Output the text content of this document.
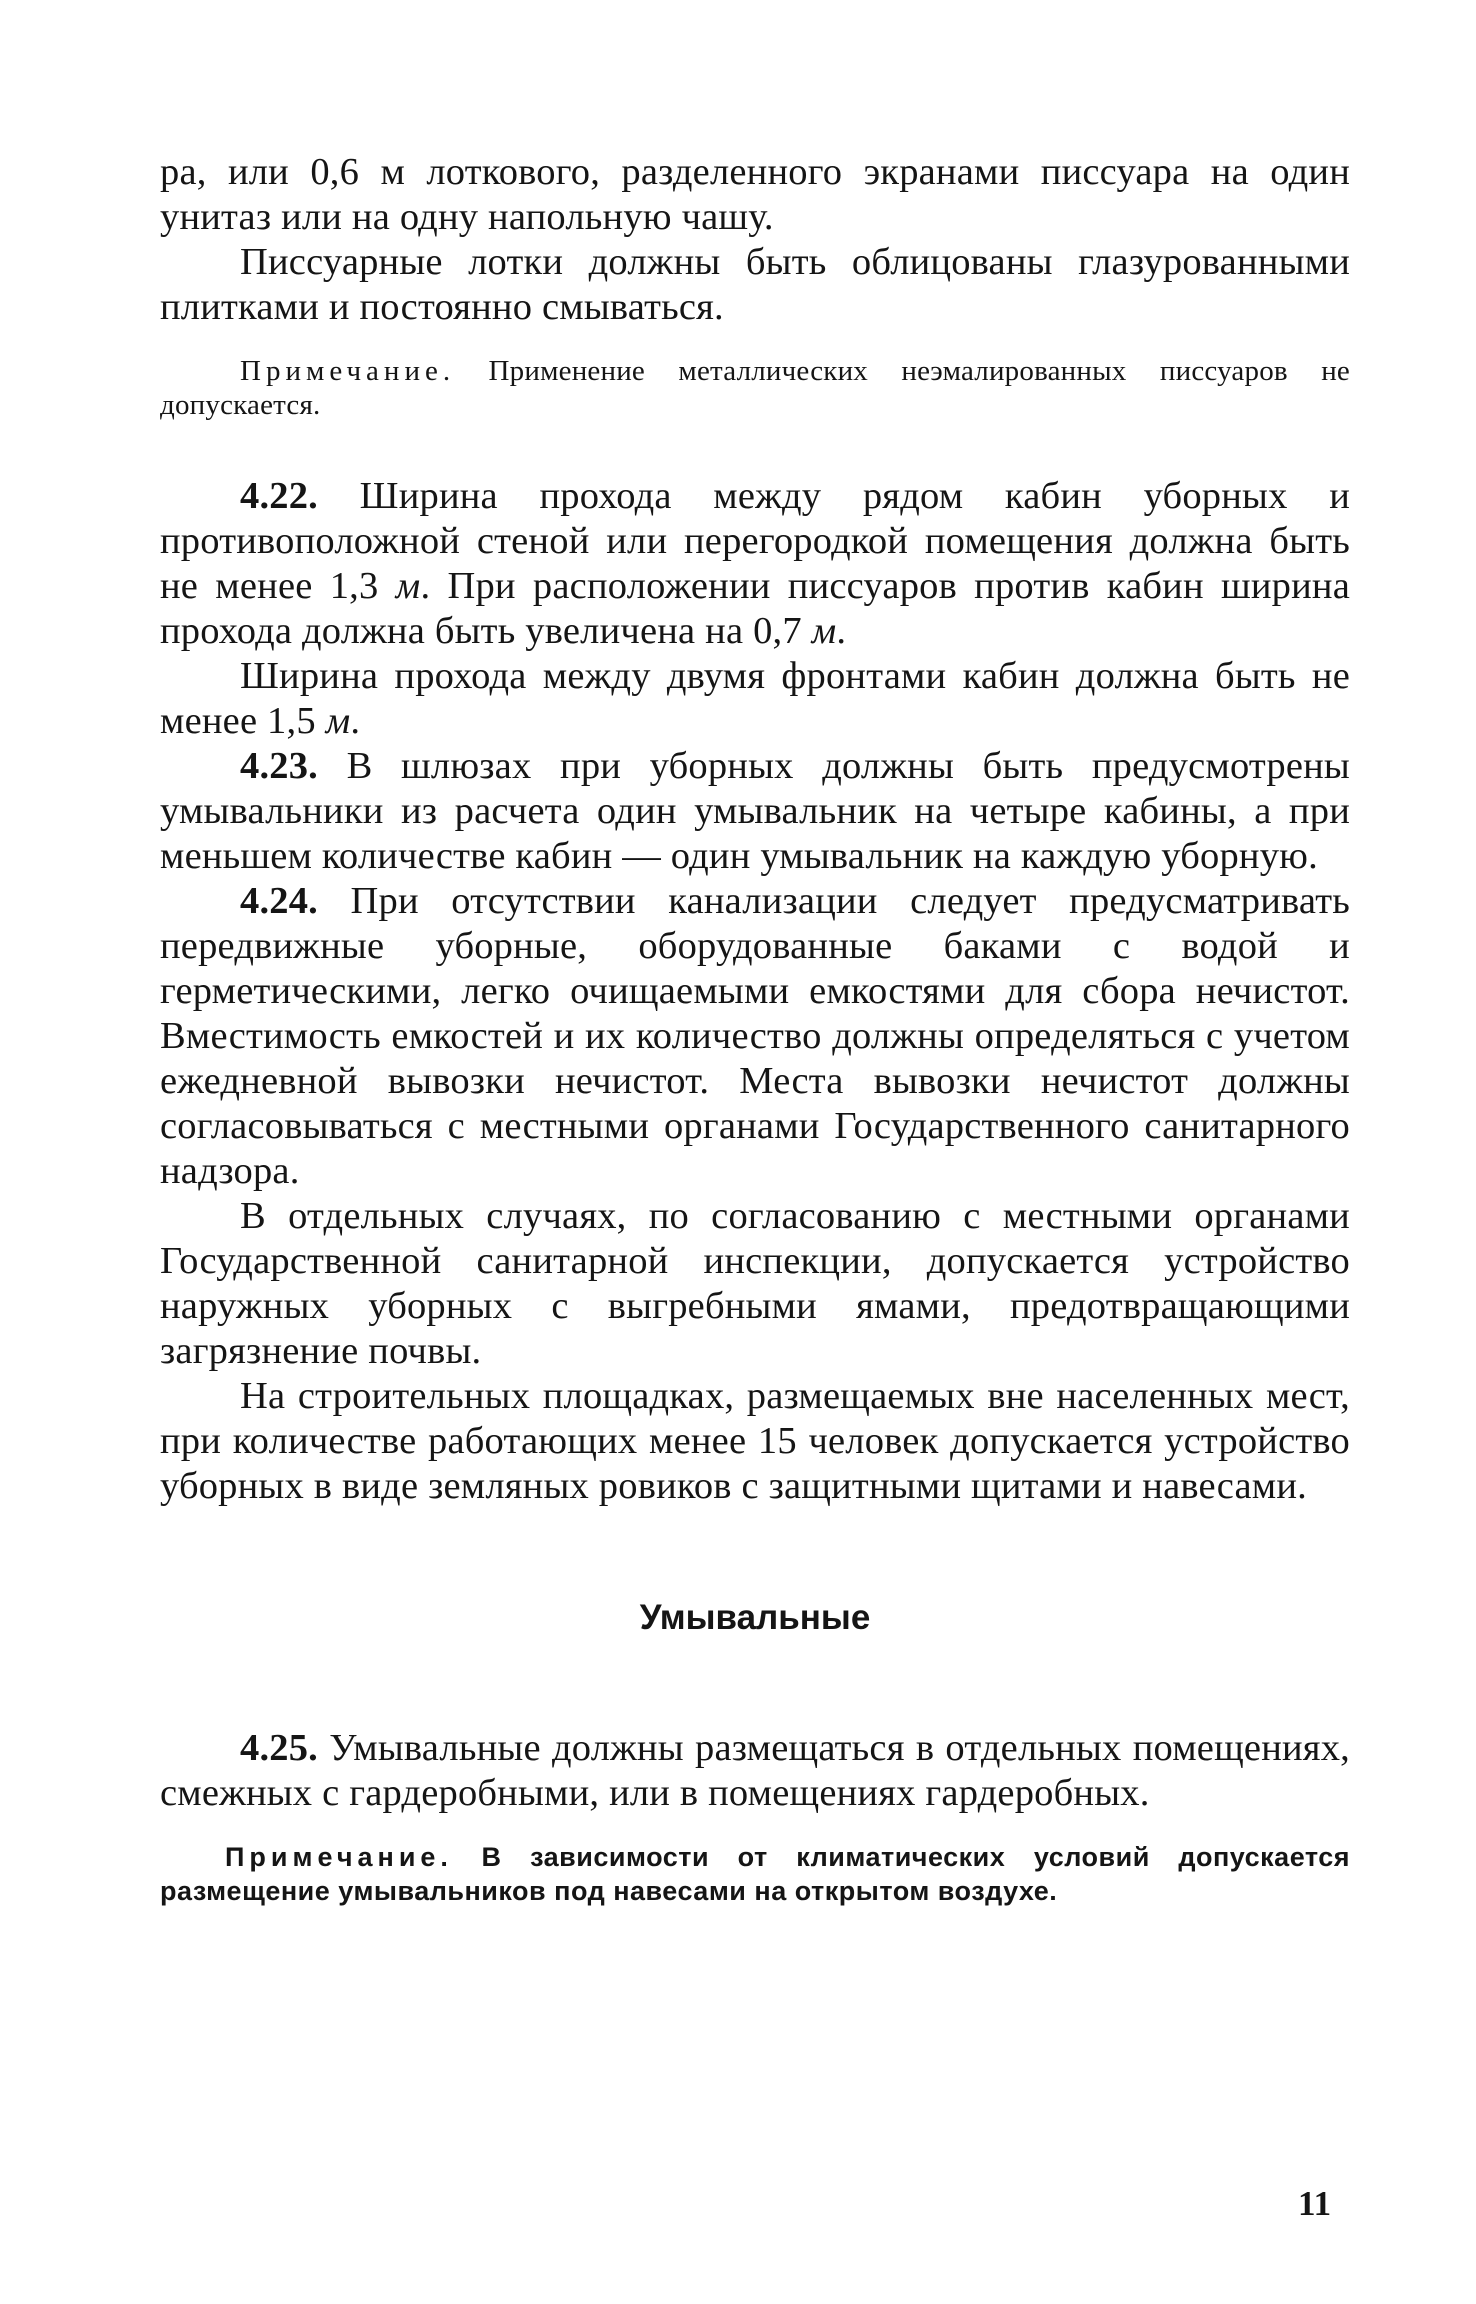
ра, или 0,6 м лоткового, разделенного экранами писсуара на один унитаз или на одну напольную чашу.

Писсуарные лотки должны быть облицованы глазурованными плитками и постоянно смываться.

Примечание. Применение металлических неэмалированных писсуаров не допускается.

4.22. Ширина прохода между рядом кабин уборных и противоположной стеной или перегородкой помещения должна быть не менее 1,3 м. При расположении писсуаров против кабин ширина прохода должна быть увеличена на 0,7 м.

Ширина прохода между двумя фронтами кабин должна быть не менее 1,5 м.

4.23. В шлюзах при уборных должны быть предусмотрены умывальники из расчета один умывальник на четыре кабины, а при меньшем количестве кабин — один умывальник на каждую уборную.

4.24. При отсутствии канализации следует предусматривать передвижные уборные, оборудованные баками с водой и герметическими, легко очищаемыми емкостями для сбора нечистот. Вместимость емкостей и их количество должны определяться с учетом ежедневной вывозки нечистот. Места вывозки нечистот должны согласовываться с местными органами Государственного санитарного надзора.

В отдельных случаях, по согласованию с местными органами Государственной санитарной инспекции, допускается устройство наружных уборных с выгребными ямами, предотвращающими загрязнение почвы.

На строительных площадках, размещаемых вне населенных мест, при количестве работающих менее 15 человек допускается устройство уборных в виде земляных ровиков с защитными щитами и навесами.

Умывальные

4.25. Умывальные должны размещаться в отдельных помещениях, смежных с гардеробными, или в помещениях гардеробных.

Примечание. В зависимости от климатических условий допускается размещение умывальников под навесами на открытом воздухе.

11
